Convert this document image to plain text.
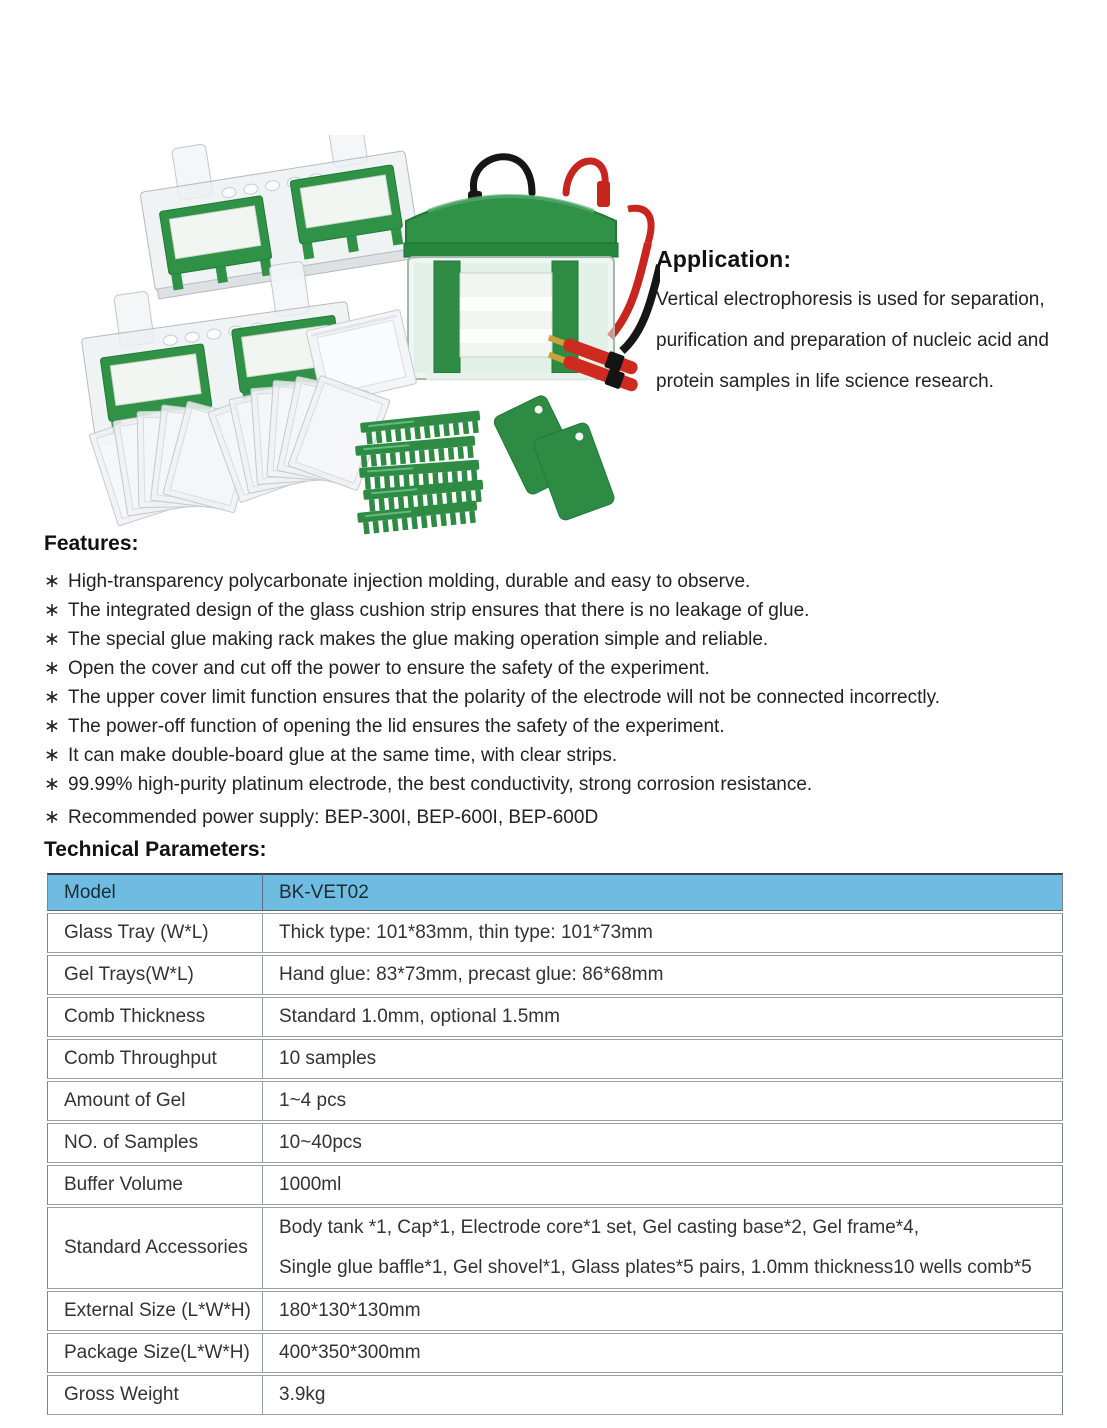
Application:

Vertical electrophoresis is used for separation,

purification and preparation of nucleic acid and

protein samples in life science research.

Features:
∗ High-transparency polycarbonate injection molding, durable and easy to observe.
∗ The integrated design of the glass cushion strip ensures that there is no leakage of glue.
∗ The special glue making rack makes the glue making operation simple and reliable.
∗ Open the cover and cut off the power to ensure the safety of the experiment.
∗ The upper cover limit function ensures that the polarity of the electrode will not be connected incorrectly.
∗ The power-off function of opening the lid ensures the safety of the experiment.
∗ It can make double-board glue at the same time, with clear strips.
∗ 99.99% high-purity platinum electrode, the best conductivity, strong corrosion resistance.
∗ Recommended power supply: BEP-300I, BEP-600I, BEP-600D
Technical Parameters:
Model	BK-VET02
Glass Tray (W*L)	Thick type: 101*83mm, thin type: 101*73mm

Gel Trays(W*L)	Hand glue: 83*73mm, precast glue: 86*68mm

Comb Thickness	Standard 1.0mm, optional 1.5mm

Comb Throughput	10 samples

Amount of Gel	1~4 pcs

NO. of Samples	10~40pcs

Buffer Volume	1000ml

Standard Accessories	Body tank *1, Cap*1, Electrode core*1 set, Gel casting base*2, Gel frame*4,
Single glue baffle*1, Gel shovel*1, Glass plates*5 pairs, 1.0mm thickness10 wells comb*5

External Size (L*W*H)	180*130*130mm

Package Size(L*W*H)	400*350*300mm

Gross Weight	3.9kg
